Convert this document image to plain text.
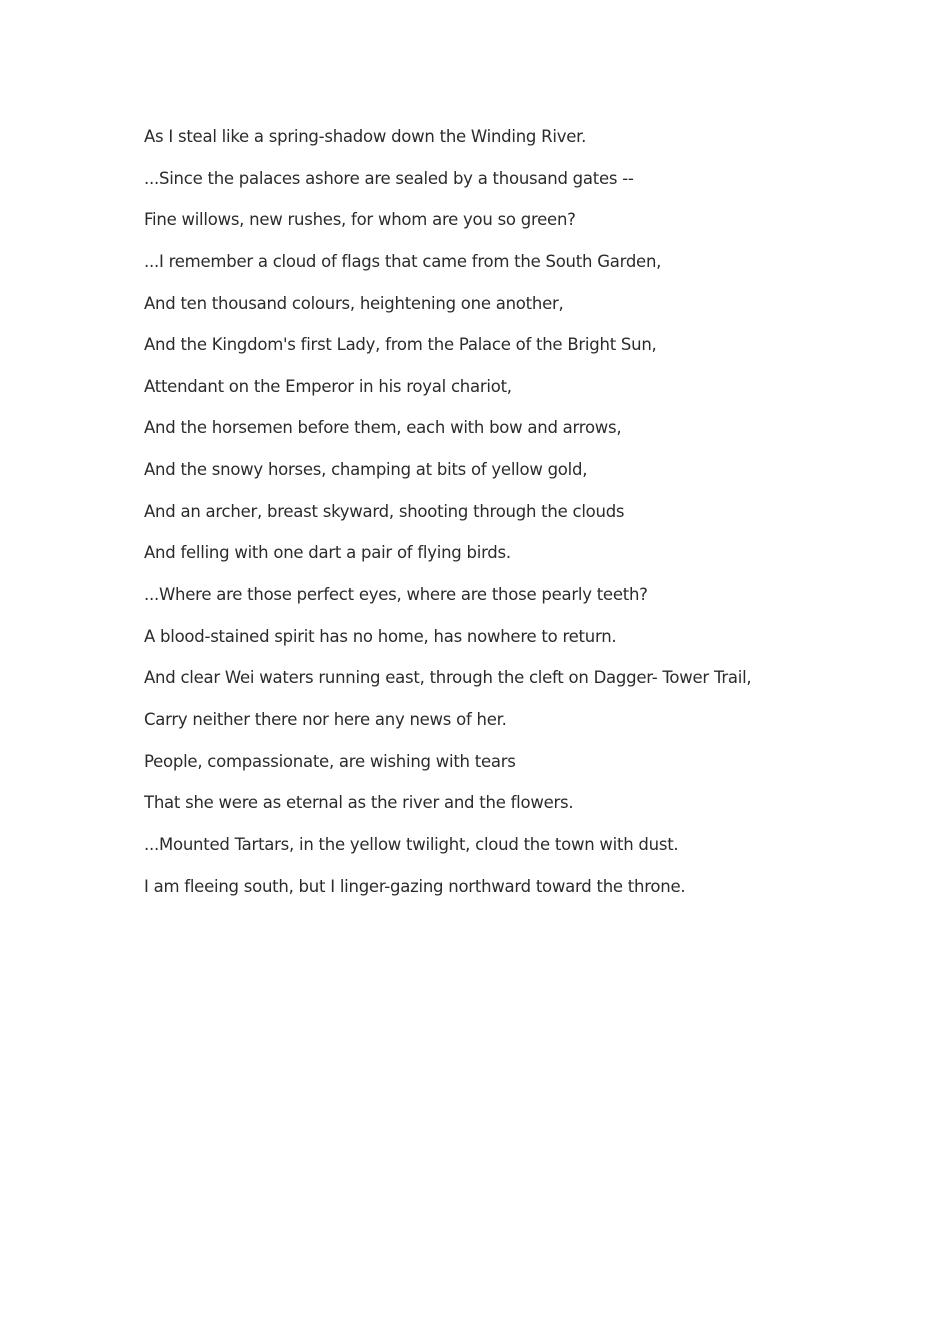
As I steal like a spring-shadow down the Winding River.
...Since the palaces ashore are sealed by a thousand gates --
Fine willows, new rushes, for whom are you so green?
...I remember a cloud of flags that came from the South Garden,
And ten thousand colours, heightening one another,
And the Kingdom's first Lady, from the Palace of the Bright Sun,
Attendant on the Emperor in his royal chariot,
And the horsemen before them, each with bow and arrows,
And the snowy horses, champing at bits of yellow gold,
And an archer, breast skyward, shooting through the clouds
And felling with one dart a pair of flying birds.
...Where are those perfect eyes, where are those pearly teeth?
A blood-stained spirit has no home, has nowhere to return.
And clear Wei waters running east, through the cleft on Dagger- Tower Trail,
Carry neither there nor here any news of her.
People, compassionate, are wishing with tears
That she were as eternal as the river and the flowers.
...Mounted Tartars, in the yellow twilight, cloud the town with dust.
I am fleeing south, but I linger-gazing northward toward the throne.
